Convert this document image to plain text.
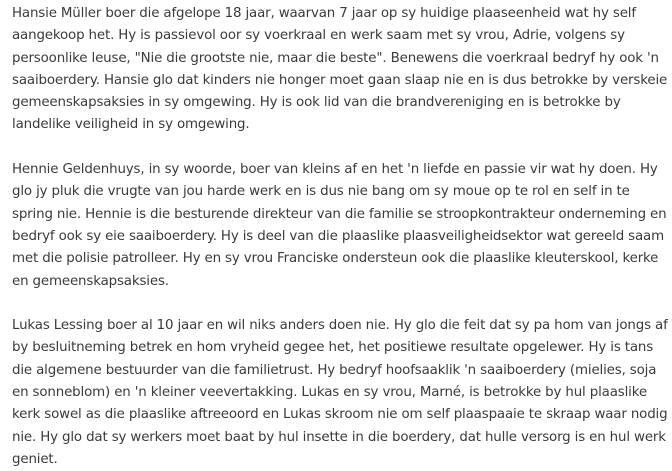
Hansie Müller boer die afgelope 18 jaar, waarvan 7 jaar op sy huidige plaaseenheid wat hy self aangekoop het. Hy is passievol oor sy voerkraal en werk saam met sy vrou, Adrie, volgens sy persoonlike leuse, "Nie die grootste nie, maar die beste". Benewens die voerkraal bedryf hy ook 'n saaiboerdery. Hansie glo dat kinders nie honger moet gaan slaap nie en is dus betrokke by verskeie gemeenskapsaksies in sy omgewing. Hy is ook lid van die brandvereniging en is betrokke by landelike veiligheid in sy omgewing.

Hennie Geldenhuys, in sy woorde, boer van kleins af en het 'n liefde en passie vir wat hy doen. Hy glo jy pluk die vrugte van jou harde werk en is dus nie bang om sy moue op te rol en self in te spring nie. Hennie is die besturende direkteur van die familie se stroopkontrakteur onderneming en bedryf ook sy eie saaiboerdery. Hy is deel van die plaaslike plaasveiligheidsektor wat gereeld saam met die polisie patrolleer. Hy en sy vrou Franciske ondersteun ook die plaaslike kleuterskool, kerke en gemeenskapsaksies.

Lukas Lessing boer al 10 jaar en wil niks anders doen nie. Hy glo die feit dat sy pa hom van jongs af by besluitneming betrek en hom vryheid gegee het, het positiewe resultate opgelewer. Hy is tans die algemene bestuurder van die familietrust. Hy bedryf hoofsaaklik 'n saaiboerdery (mielies, soja en sonneblom) en 'n kleiner veevertakking. Lukas en sy vrou, Marné, is betrokke by hul plaaslike kerk sowel as die plaaslike aftreeoord en Lukas skroom nie om self plaaspaaie te skraap waar nodig nie. Hy glo dat sy werkers moet baat by hul insette in die boerdery, dat hulle versorg is en hul werk geniet.
